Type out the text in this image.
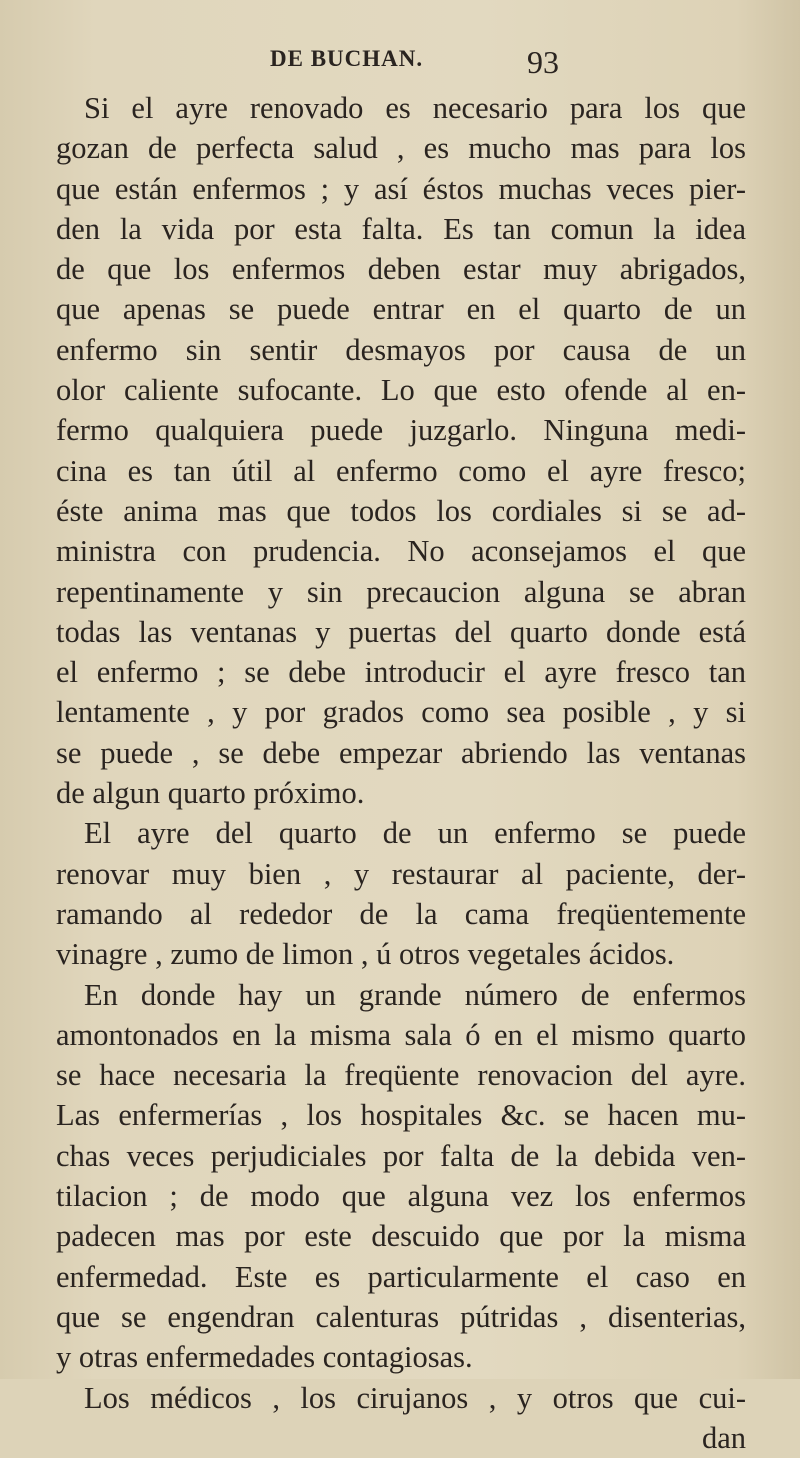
DE BUCHAN.	93
Si el ayre renovado es necesario para los que
gozan de perfecta salud , es mucho mas para los
que están enfermos ; y así éstos muchas veces pier-
den la vida por esta falta. Es tan comun la idea
de que los enfermos deben estar muy abrigados,
que apenas se puede entrar en el quarto de un
enfermo sin sentir desmayos por causa de un
olor caliente sufocante. Lo que esto ofende al en-
fermo qualquiera puede juzgarlo. Ninguna medi-
cina es tan útil al enfermo como el ayre fresco;
éste anima mas que todos los cordiales si se ad-
ministra con prudencia. No aconsejamos el que
repentinamente y sin precaucion alguna se abran
todas las ventanas y puertas del quarto donde está
el enfermo ; se debe introducir el ayre fresco tan
lentamente , y por grados como sea posible , y si
se puede , se debe empezar abriendo las ventanas
de algun quarto próximo.
El ayre del quarto de un enfermo se puede
renovar muy bien , y restaurar al paciente, der-
ramando al rededor de la cama freqüentemente
vinagre , zumo de limon , ú otros vegetales ácidos.
En donde hay un grande número de enfermos
amontonados en la misma sala ó en el mismo quarto
se hace necesaria la freqüente renovacion del ayre.
Las enfermerías , los hospitales &c. se hacen mu-
chas veces perjudiciales por falta de la debida ven-
tilacion ; de modo que alguna vez los enfermos
padecen mas por este descuido que por la misma
enfermedad. Este es particularmente el caso en
que se engendran calenturas pútridas , disenterias,
y otras enfermedades contagiosas.
Los médicos , los cirujanos , y otros que cui-
dan
